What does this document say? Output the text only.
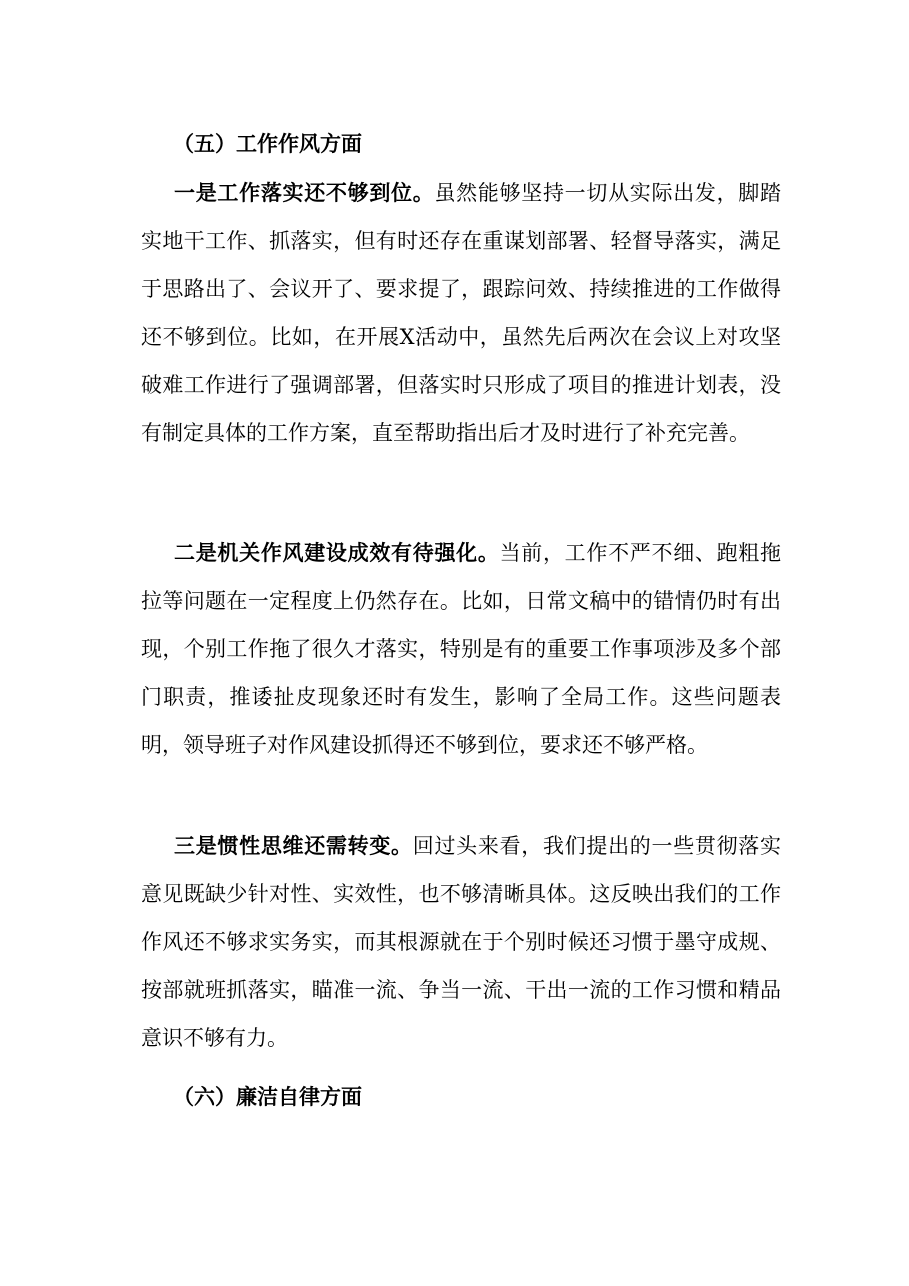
（五）工作作风方面

一是工作落实还不够到位。虽然能够坚持一切从实际出发，脚踏实地干工作、抓落实，但有时还存在重谋划部署、轻督导落实，满足于思路出了、会议开了、要求提了，跟踪问效、持续推进的工作做得还不够到位。比如，在开展X活动中，虽然先后两次在会议上对攻坚破难工作进行了强调部署，但落实时只形成了项目的推进计划表，没有制定具体的工作方案，直至帮助指出后才及时进行了补充完善。

二是机关作风建设成效有待强化。当前，工作不严不细、跑粗拖拉等问题在一定程度上仍然存在。比如，日常文稿中的错情仍时有出现，个别工作拖了很久才落实，特别是有的重要工作事项涉及多个部门职责，推诿扯皮现象还时有发生，影响了全局工作。这些问题表明，领导班子对作风建设抓得还不够到位，要求还不够严格。

三是惯性思维还需转变。回过头来看，我们提出的一些贯彻落实意见既缺少针对性、实效性，也不够清晰具体。这反映出我们的工作作风还不够求实务实，而其根源就在于个别时候还习惯于墨守成规、按部就班抓落实，瞄准一流、争当一流、干出一流的工作习惯和精品意识不够有力。

（六）廉洁自律方面
